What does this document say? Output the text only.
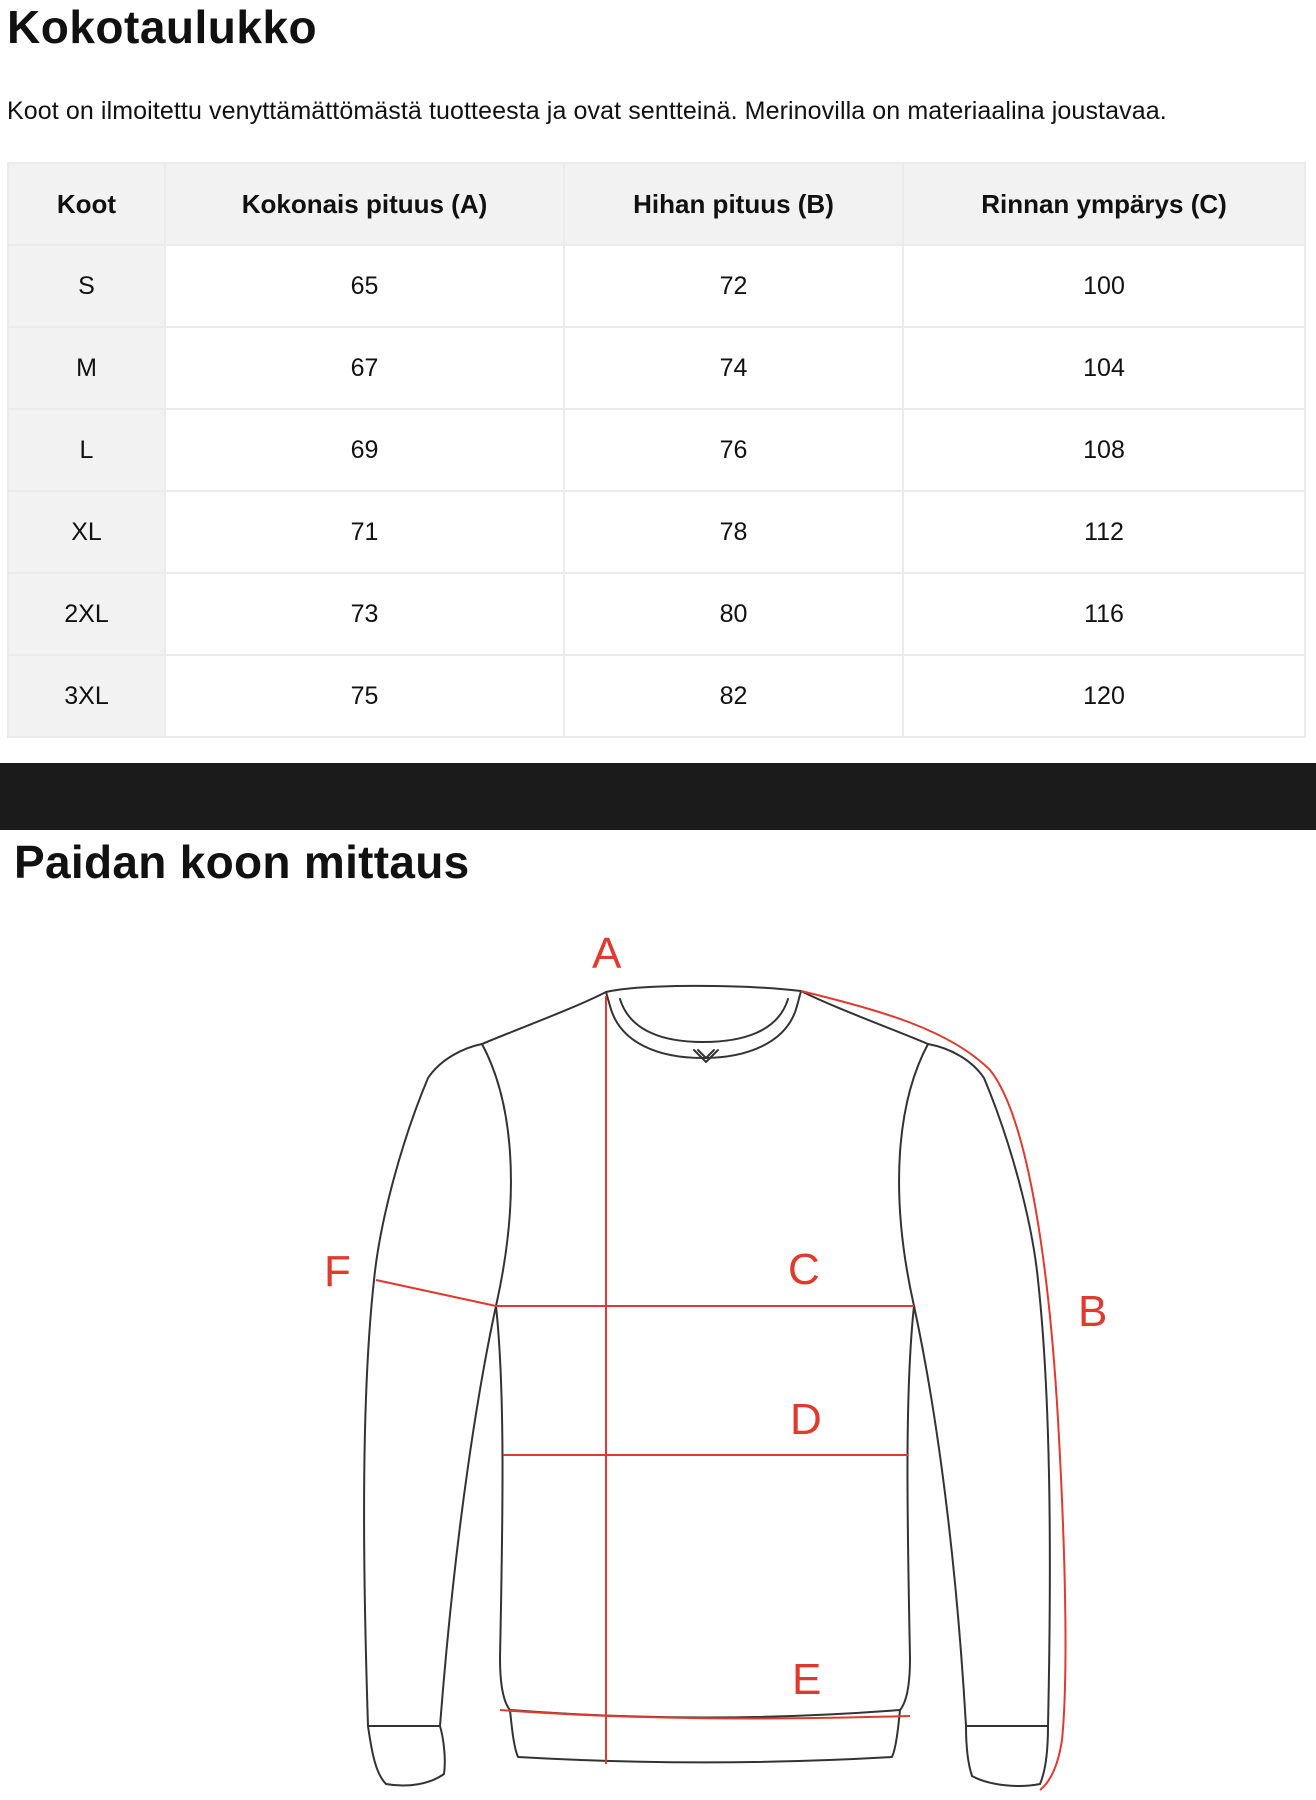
Kokotaulukko

Koot on ilmoitettu venyttämättömästä tuotteesta ja ovat sentteinä. Merinovilla on materiaalina joustavaa.

Koot	Kokonais pituus (A)	Hihan pituus (B)	Rinnan ympärys (C)
S	65	72	100
M	67	74	104
L	69	76	108
XL	71	78	112
2XL	73	80	116
3XL	75	82	120
Paidan koon mittaus
A
B
C
D
E
F
